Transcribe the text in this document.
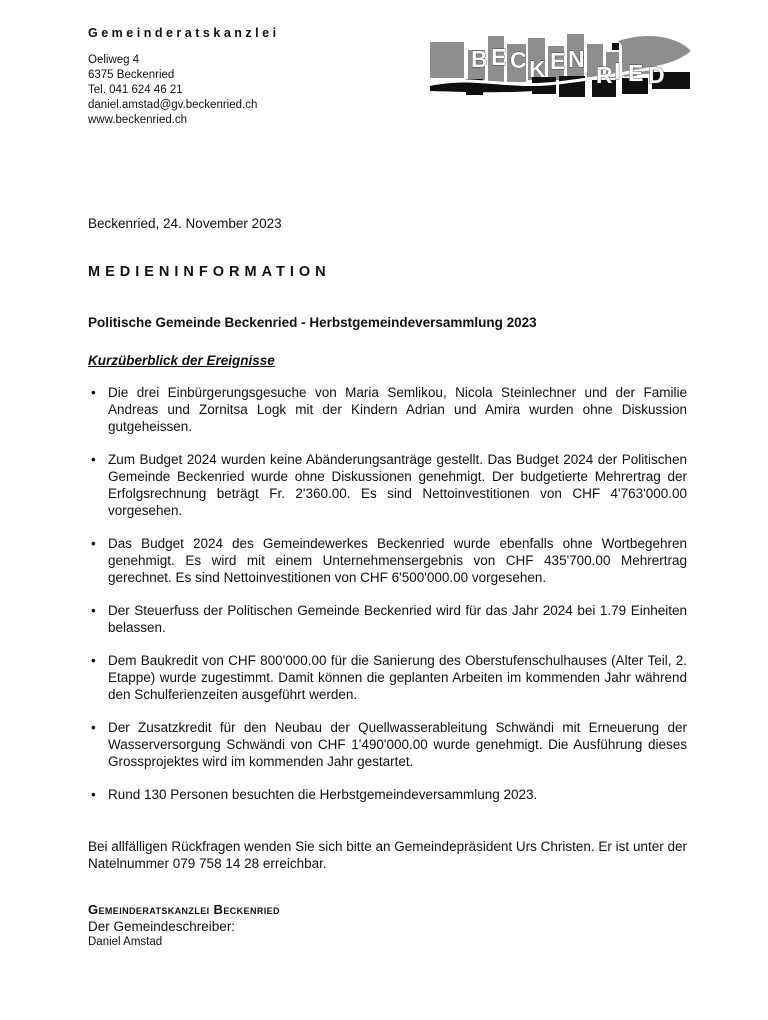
Gemeinderatskanzlei
Oeliweg 4
6375 Beckenried
Tel. 041 624 46 21
daniel.amstad@gv.beckenried.ch
www.beckenried.ch
BECKENRIED
Beckenried, 24. November 2023
MEDIENINFORMATION
Politische Gemeinde Beckenried - Herbstgemeindeversammlung 2023
Kurzüberblick der Ereignisse
• Die drei Einbürgerungsgesuche von Maria Semlikou, Nicola Steinlechner und der Familie Andreas und Zornitsa Logk mit der Kindern Adrian und Amira wurden ohne Diskussion gutgeheissen.
• Zum Budget 2024 wurden keine Abänderungsanträge gestellt. Das Budget 2024 der Politischen Gemeinde Beckenried wurde ohne Diskussionen genehmigt. Der budgetierte Mehrertrag der Erfolgsrechnung beträgt Fr. 2'360.00. Es sind Nettoinvestitionen von CHF 4'763'000.00 vorgesehen.
• Das Budget 2024 des Gemeindewerkes Beckenried wurde ebenfalls ohne Wortbegehren genehmigt. Es wird mit einem Unternehmensergebnis von CHF 435'700.00 Mehrertrag gerechnet. Es sind Nettoinvestitionen von CHF 6'500'000.00 vorgesehen.
• Der Steuerfuss der Politischen Gemeinde Beckenried wird für das Jahr 2024 bei 1.79 Einheiten belassen.
• Dem Baukredit von CHF 800'000.00 für die Sanierung des Oberstufenschulhauses (Alter Teil, 2. Etappe) wurde zugestimmt. Damit können die geplanten Arbeiten im kommenden Jahr während den Schulferienzeiten ausgeführt werden.
• Der Zusatzkredit für den Neubau der Quellwasserableitung Schwändi mit Erneuerung der Wasserversorgung Schwändi von CHF 1'490'000.00 wurde genehmigt. Die Ausführung dieses Grossprojektes wird im kommenden Jahr gestartet.
• Rund 130 Personen besuchten die Herbstgemeindeversammlung 2023.
Bei allfälligen Rückfragen wenden Sie sich bitte an Gemeindepräsident Urs Christen. Er ist unter der Natelnummer 079 758 14 28 erreichbar.
Gemeinderatskanzlei Beckenried
Der Gemeindeschreiber:
Daniel Amstad
